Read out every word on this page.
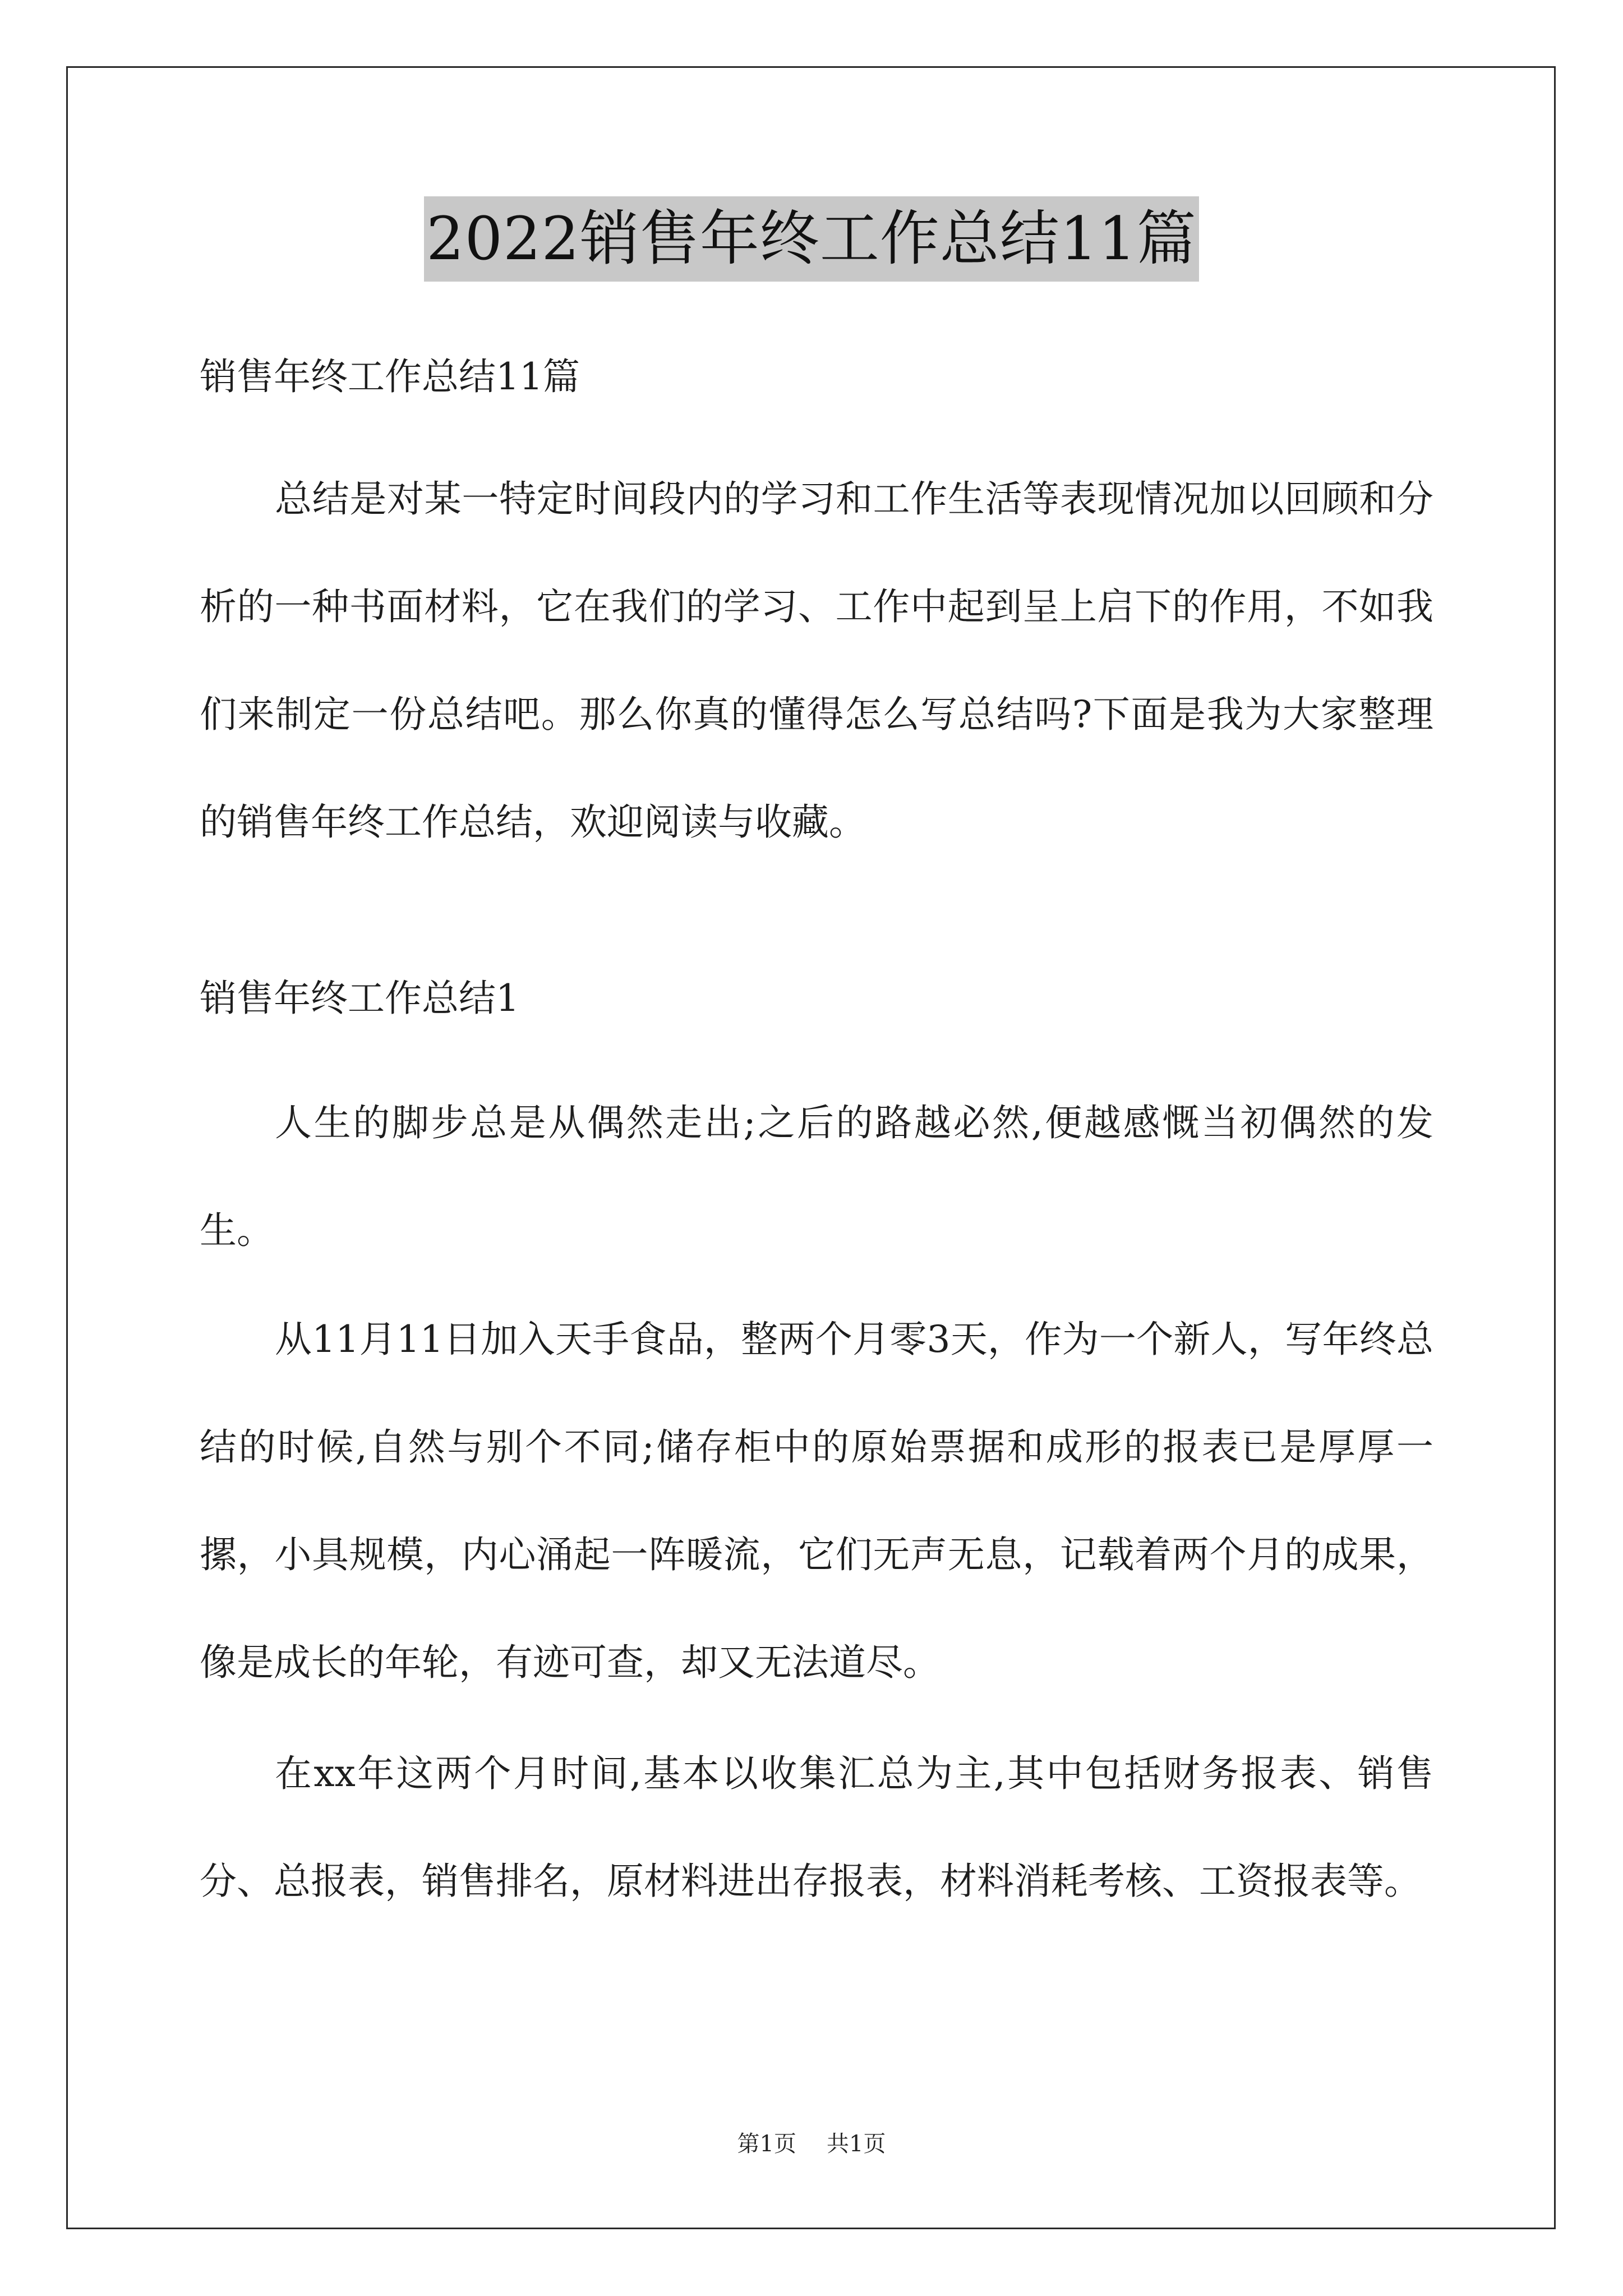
2022销售年终工作总结11篇
销售年终工作总结11篇
总结是对某一特定时间段内的学习和工作生活等表现情况加以回顾和分析的一种书面材料，它在我们的学习、工作中起到呈上启下的作用，不如我们来制定一份总结吧。那么你真的懂得怎么写总结吗?下面是我为大家整理的销售年终工作总结，欢迎阅读与收藏。
销售年终工作总结1
人生的脚步总是从偶然走出;之后的路越必然,便越感慨当初偶然的发生。
从11月11日加入天手食品，整两个月零3天，作为一个新人，写年终总结的时候,自然与别个不同;储存柜中的原始票据和成形的报表已是厚厚一摞，小具规模，内心涌起一阵暖流，它们无声无息，记载着两个月的成果，像是成长的年轮，有迹可查，却又无法道尽。
在xx年这两个月时间,基本以收集汇总为主,其中包括财务报表、销售分、总报表，销售排名，原材料进出存报表，材料消耗考核、工资报表等。
第1页 共1页
